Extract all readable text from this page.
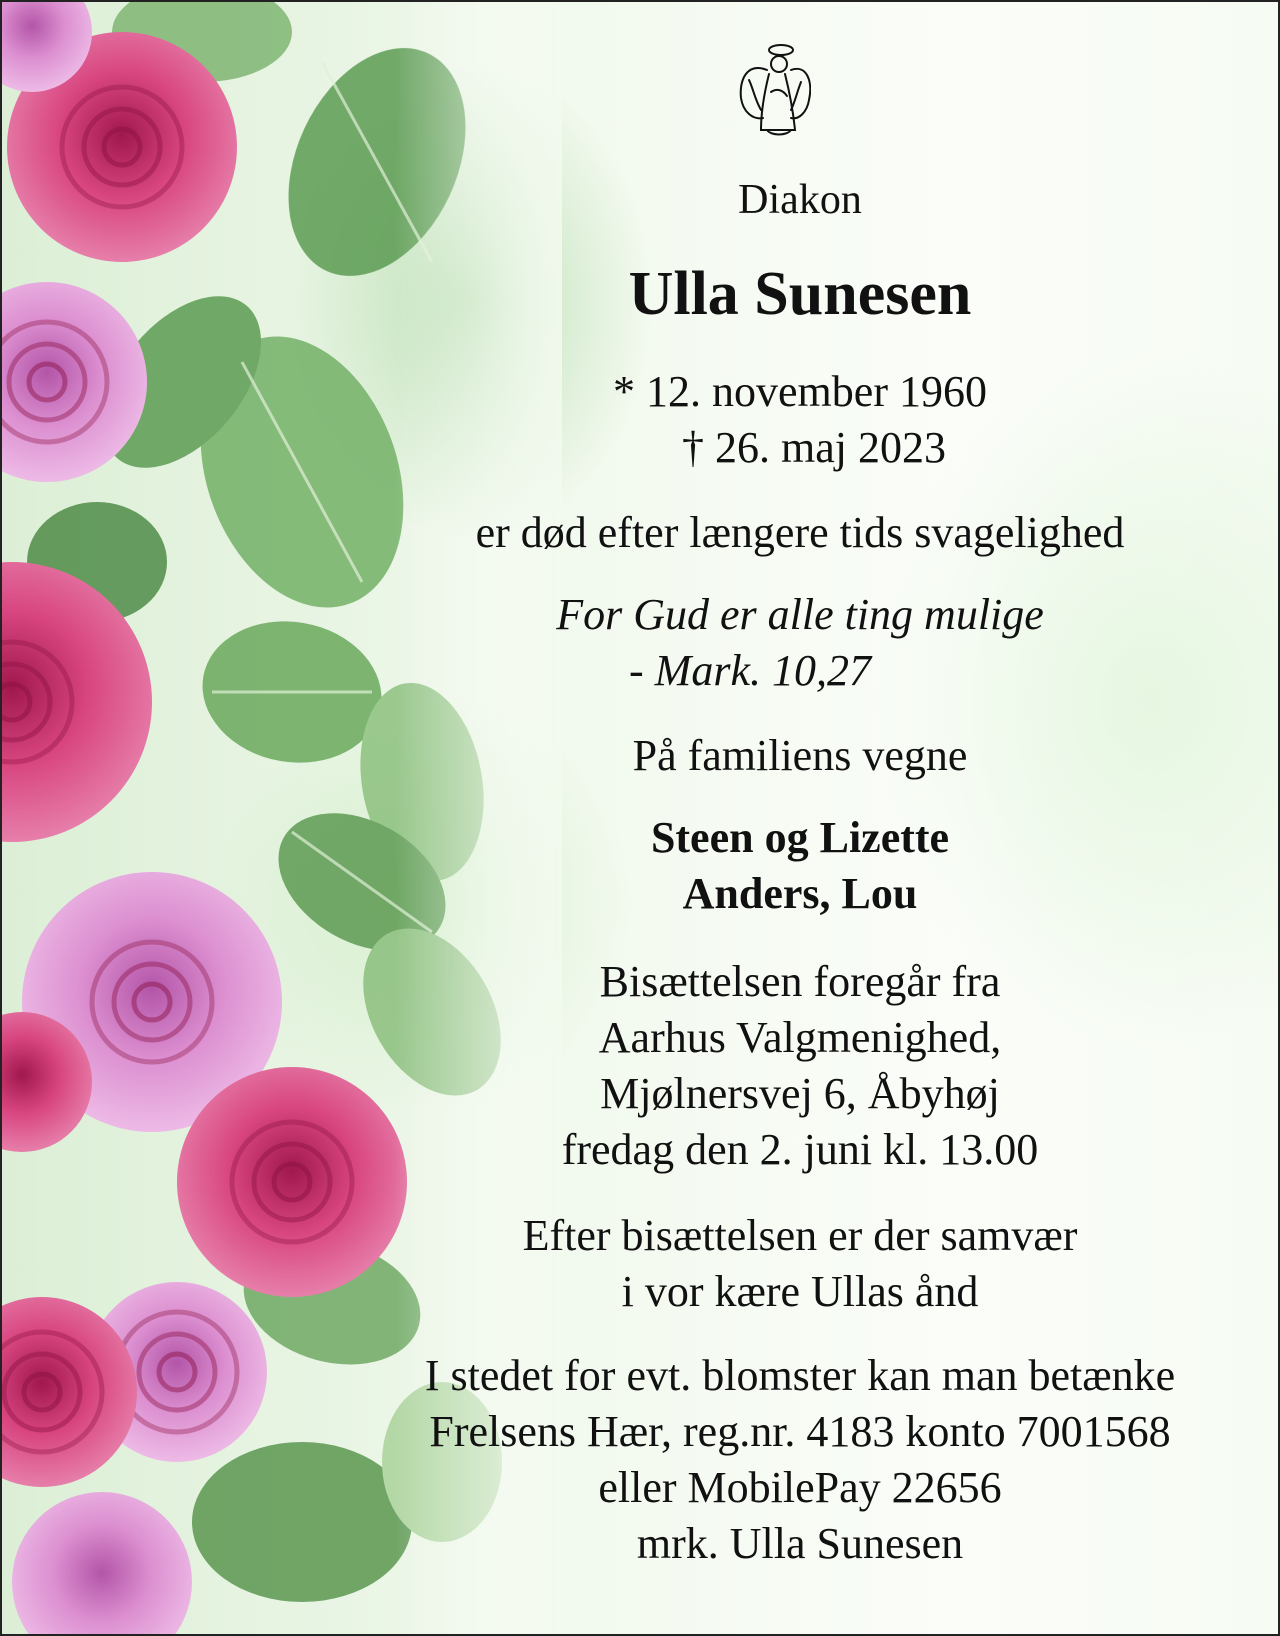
Diakon

Ulla Sunesen

* 12. november 1960
† 26. maj 2023

er død efter længere tids svagelighed

For Gud er alle ting mulige
- Mark. 10,27

På familiens vegne

Steen og Lizette
Anders, Lou

Bisættelsen foregår fra
Aarhus Valgmenighed,
Mjølnersvej 6, Åbyhøj
fredag den 2. juni kl. 13.00

Efter bisættelsen er der samvær
i vor kære Ullas ånd

I stedet for evt. blomster kan man betænke
Frelsens Hær, reg.nr. 4183 konto 7001568
eller MobilePay 22656
mrk. Ulla Sunesen
